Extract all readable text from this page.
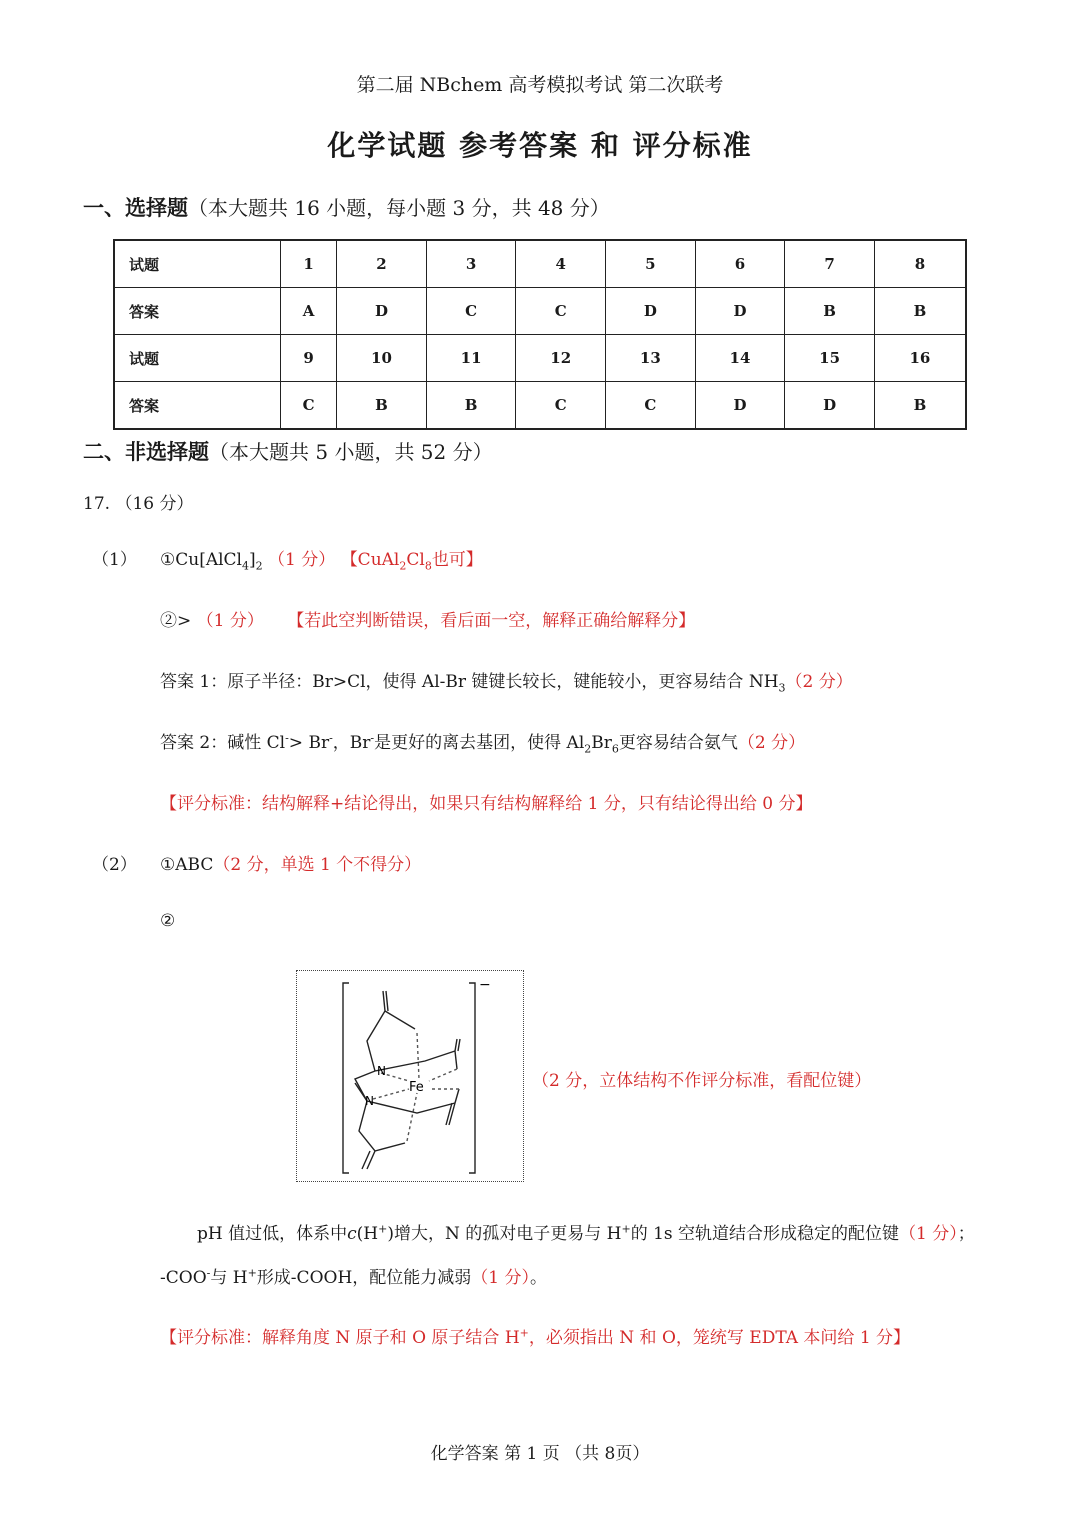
第二届 NBchem 高考模拟考试 第二次联考
化学试题 参考答案 和 评分标准
一、选择题（本大题共 16 小题，每小题 3 分，共 48 分）
试题	1	2	3	4	5	6	7	8
答案	A	D	C	C	D	D	B	B
试题	9	10	11	12	13	14	15	16
答案	C	B	B	C	C	D	D	B
二、非选择题（本大题共 5 小题，共 52 分）
17. （16 分）
（1） $①Cu[AlCl_4]_2$ （1 分） 【$CuAl_2Cl_8$也可】
②> （1 分） 【若此空判断错误，看后面一空，解释正确给解释分】
答案 1：原子半径：Br>Cl，使得 Al-Br 键键长较长，键能较小，更容易结合 $NH_3(2$ 分）
答案 2：碱性 Cl-> Br-，Br-是更好的离去基团，使得 $Al_2Br_6$更容易结合氨气（2 分）
【评分标准：结构解释+结论得出，如果只有结构解释给 1 分，只有结论得出给 0 分】
（2） ①ABC（2 分，单选 1 个不得分）
②
N
N
Fe
−
（2 分，立体结构不作评分标准，看配位键）
pH 值过低，体系中c(H+)增大，N 的孤对电子更易与 H+的 1s 空轨道结合形成稳定的配位键（1 分）；
-COO-与 H+形成-COOH，配位能力减弱（1 分）。
【评分标准：解释角度 N 原子和 O 原子结合 H+，必须指出 N 和 O，笼统写 EDTA 本问给 1 分】
化学答案 第 1 页 （共 8页）
